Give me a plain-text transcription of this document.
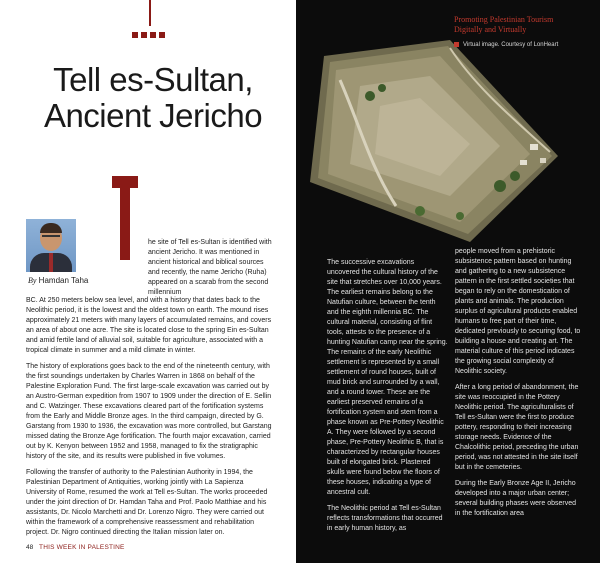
Tell es-Sultan,
Ancient Jericho
By Hamdan Taha

he site of Tell es-Sultan is identified with ancient Jericho. It was mentioned in ancient historical and biblical sources and recently, the name Jericho (Ruha) appeared on a scarab from the second millennium

BC. At 250 meters below sea level, and with a history that dates back to the Neolithic period, it is the lowest and the oldest town on earth. The mound rises approximately 21 meters with many layers of accumulated remains, and covers an area of about one acre. The site is located close to the spring Ein es-Sultan and amid fertile land of alluvial soil, suitable for agriculture, associated with a tropical climate in summer and a mild climate in winter.

The history of explorations goes back to the end of the nineteenth century, with the first soundings undertaken by Charles Warren in 1868 on behalf of the Palestine Exploration Fund. The first large-scale excavation was carried out by an Austro-German expedition from 1907 to 1909 under the direction of E. Sellin and C. Watzinger. These excavations cleared part of the fortification systems from the Early and Middle Bronze ages. In the third campaign, directed by G. Garstang from 1930 to 1936, the excavation was more controlled, but Garstang missed dating the Bronze Age fortification. The fourth major excavation, carried out by K. Kenyon between 1952 and 1958, managed to fix the stratigraphic history of the site, and its results were published in five volumes.

Following the transfer of authority to the Palestinian Authority in 1994, the Palestinian Department of Antiquities, working jointly with La Sapienza University of Rome, resumed the work at Tell es-Sultan. The works proceeded under the joint direction of Dr. Hamdan Taha and Prof. Paolo Matthiae and his assistants, Dr. Nicolo Marchetti and Dr. Lorenzo Nigro. They were carried out within the framework of a comprehensive reassessment and rehabilitation project. Dr. Nigro continued directing the Italian mission later on.

48 THIS WEEK IN PALESTINE
Promoting Palestinian Tourism
Digitally and Virtually
Virtual image. Courtesy of LonHeart

The successive excavations uncovered the cultural history of the site that stretches over 10,000 years. The earliest remains belong to the Natufian culture, between the tenth and the eighth millennia BC. The cultural material, consisting of flint tools, attests to the presence of a hunting Natufian camp near the spring. The remains of the early Neolithic settlement is represented by a small settlement of round houses, built of mud brick and surrounded by a wall, and a round tower. These are the earliest preserved remains of a fortification system and stem from a phase known as Pre-Pottery Neolithic A. They were followed by a second phase, Pre-Pottery Neolithic B, that is characterized by rectangular houses built of elongated brick. Plastered skulls were found below the floors of these houses, indicating a type of ancestral cult.

The Neolithic period at Tell es-Sultan reflects transformations that occurred in early human history, as

people moved from a prehistoric subsistence pattern based on hunting and gathering to a new subsistence pattern in the first settled societies that began to rely on the domestication of plants and animals. The production surplus of agricultural products enabled humans to free part of their time, dedicated previously to securing food, to building a house and creating art. The material culture of this period indicates the growing social complexity of Neolithic society.

After a long period of abandonment, the site was reoccupied in the Pottery Neolithic period. The agriculturalists of Tell es-Sultan were the first to produce pottery, responding to their increasing storage needs. Evidence of the Chalcolithic period, preceding the urban period, was not attested in the site itself but in the cemeteries.

During the Early Bronze Age II, Jericho developed into a major urban center; several building phases were observed in the fortification area
